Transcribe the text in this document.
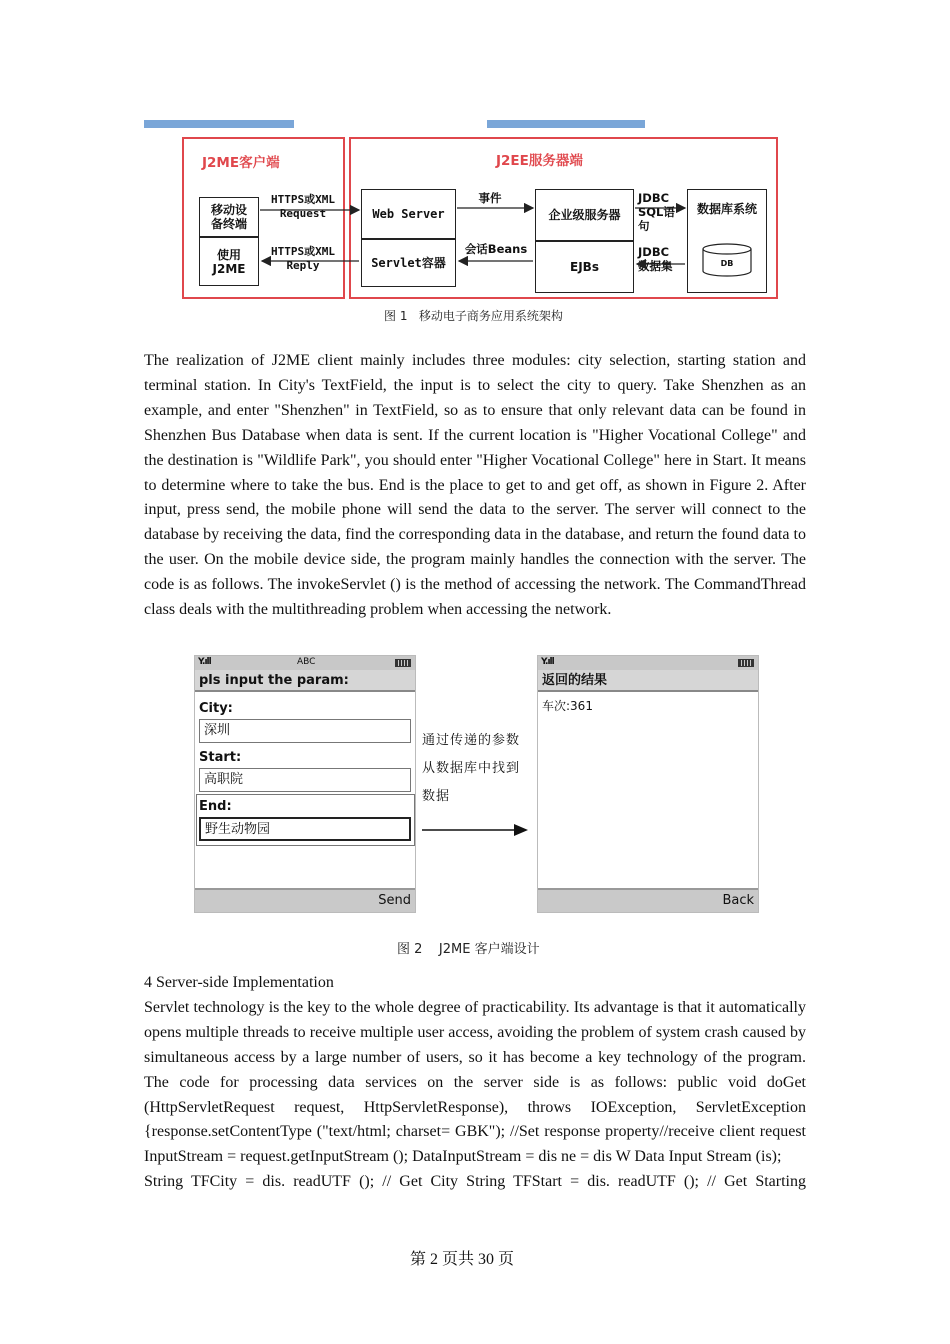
J2ME客户端	J2EE服务器端
移动设
备终端
使用
J2ME
Web Server
Servlet容器
企业级服务器
EJBs
数据库系统
DB
HTTPS或XML
Request
HTTPS或XML
Reply
事件
会话Beans
JDBC
SQL语
句
JDBC
数据集
图 1   移动电子商务应用系统架构

The realization of J2ME client mainly includes three modules: city selection, starting station and terminal station. In City's TextField, the input is to select the city to query. Take Shenzhen as an example, and enter "Shenzhen" in TextField, so as to ensure that only relevant data can be found in Shenzhen Bus Database when data is sent. If the current location is "Higher Vocational College" and the destination is "Wildlife Park", you should enter "Higher Vocational College" here in Start. It means to determine where to take the bus. End is the place to get to and get off, as shown in Figure 2. After input, press send, the mobile phone will send the data to the server. The server will connect to the database by receiving the data, find the corresponding data in the database, and return the found data to the user. On the mobile device side, the program mainly handles the connection with the server. The code is as follows. The invokeServlet () is the method of accessing the network. The CommandThread class deals with the multithreading problem when accessing the network.

Y.ıll	ABC
pls input the param:
City:
深圳
Start:
高职院
End:
野生动物园
Send
通过传递的参数
从数据库中找到
数据
Y.ıll
返回的结果
车次:361
Back
图 2    J2ME 客户端设计

4 Server-side Implementation

Servlet technology is the key to the whole degree of practicability. Its advantage is that it automatically opens multiple threads to receive multiple user access, avoiding the problem of system crash caused by simultaneous access by a large number of users, so it has become a key technology of the program. The code for processing data services on the server side is as follows: public void doGet (HttpServletRequest request, HttpServletResponse), throws IOException, ServletException {response.setContentType ("text/html; charset= GBK"); //Set response property//receive client request InputStream = request.getInputStream (); DataInputStream = dis ne = dis W Data Input Stream (is);

String TFCity = dis. readUTF (); // Get City String TFStart = dis. readUTF (); // Get Starting

第 2 页共 30 页
